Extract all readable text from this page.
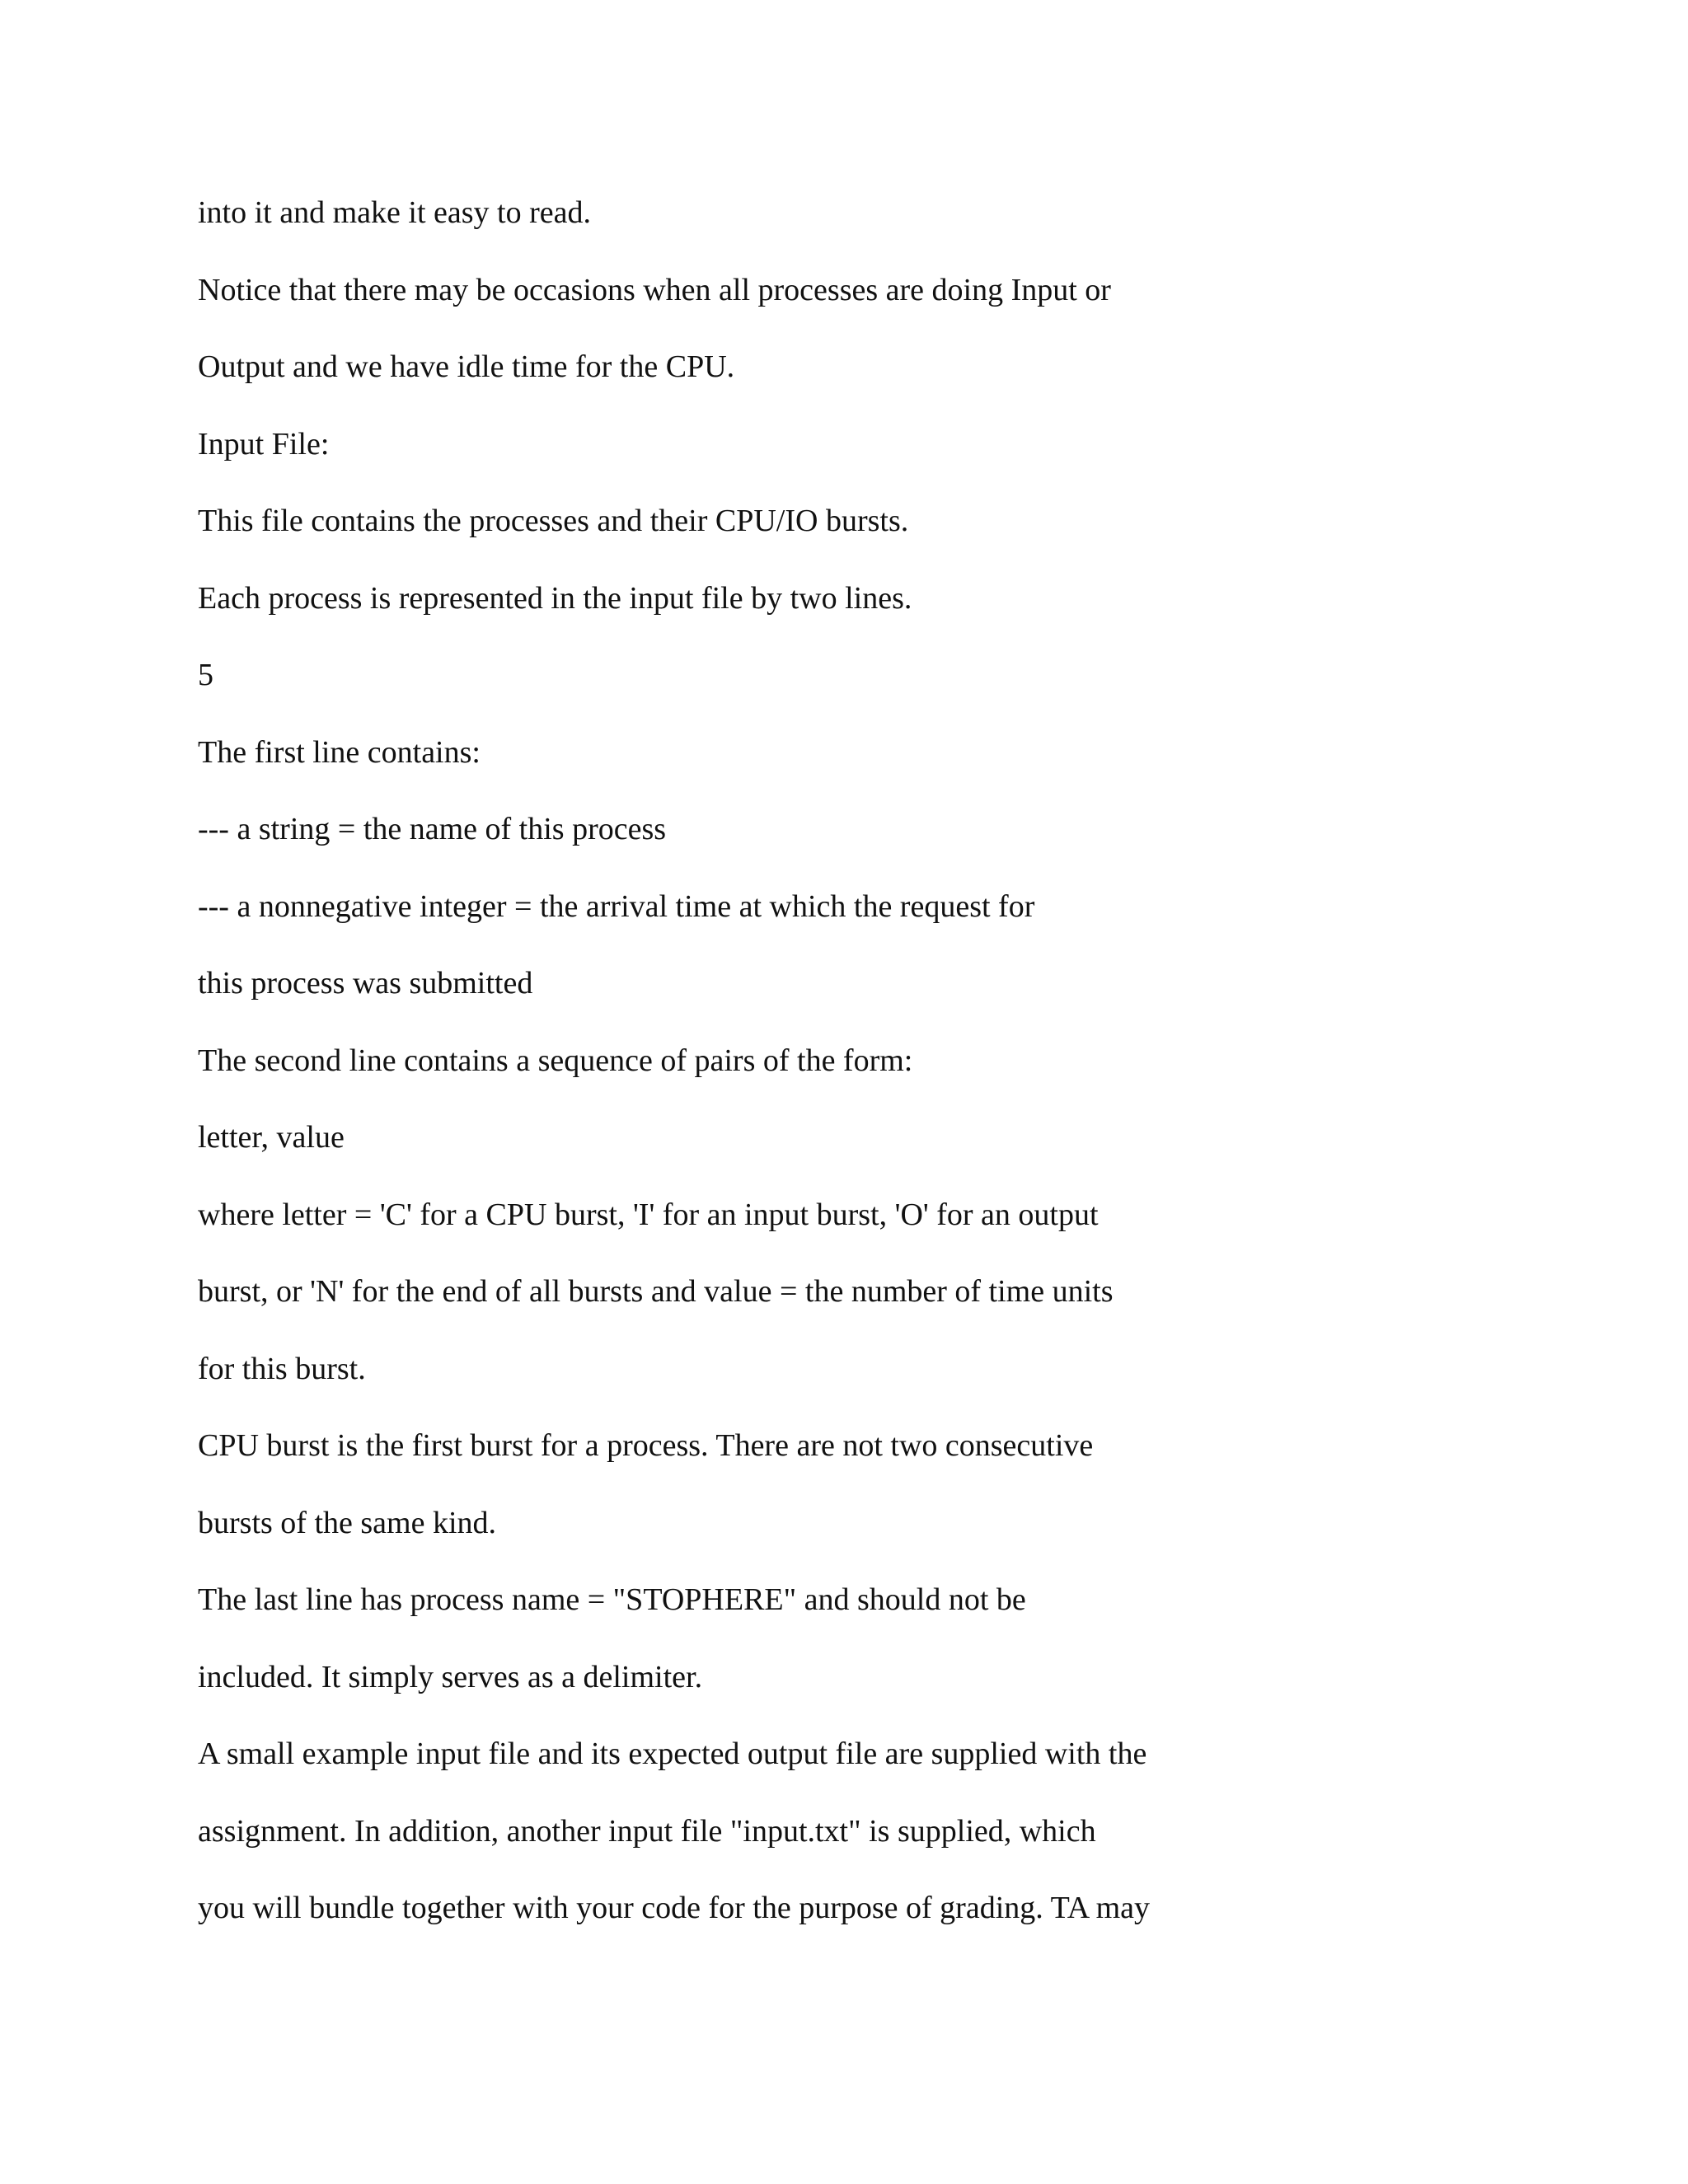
into it and make it easy to read.

Notice that there may be occasions when all processes are doing Input or

Output and we have idle time for the CPU.

Input File:

This file contains the processes and their CPU/IO bursts.

Each process is represented in the input file by two lines.

5

The first line contains:

--- a string = the name of this process

--- a nonnegative integer = the arrival time at which the request for

this process was submitted

The second line contains a sequence of pairs of the form:

letter, value

where letter = 'C' for a CPU burst, 'I' for an input burst, 'O' for an output

burst, or 'N' for the end of all bursts and value = the number of time units

for this burst.

CPU burst is the first burst for a process. There are not two consecutive

bursts of the same kind.

The last line has process name = "STOPHERE" and should not be

included. It simply serves as a delimiter.

A small example input file and its expected output file are supplied with the

assignment. In addition, another input file "input.txt" is supplied, which

you will bundle together with your code for the purpose of grading. TA may
